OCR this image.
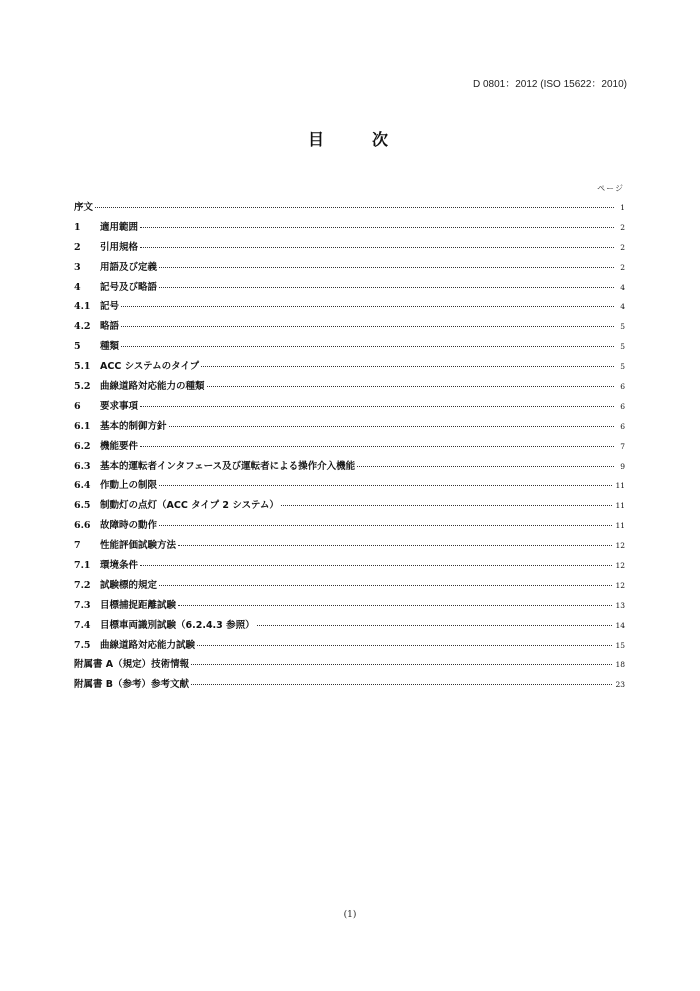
D 0801：2012 (ISO 15622：2010)
目　次
ページ
序文	1
1	適用範囲	2
2	引用規格	2
3	用語及び定義	2
4	記号及び略語	4
4.1 記号	4
4.2 略語	5
5	種類	5
5.1 ACC システムのタイプ	5
5.2 曲線道路対応能力の種類	6
6	要求事項	6
6.1 基本的制御方針	6
6.2 機能要件	7
6.3 基本的運転者インタフェース及び運転者による操作介入機能	9
6.4 作動上の制限	11
6.5 制動灯の点灯（ACC タイプ 2 システム）	11
6.6 故障時の動作	11
7	性能評価試験方法	12
7.1 環境条件	12
7.2 試験標的規定	12
7.3 目標捕捉距離試験	13
7.4 目標車両識別試験（6.2.4.3 参照）	14
7.5 曲線道路対応能力試験	15
附属書 A（規定）技術情報	18
附属書 B（参考）参考文献	23
(1)
